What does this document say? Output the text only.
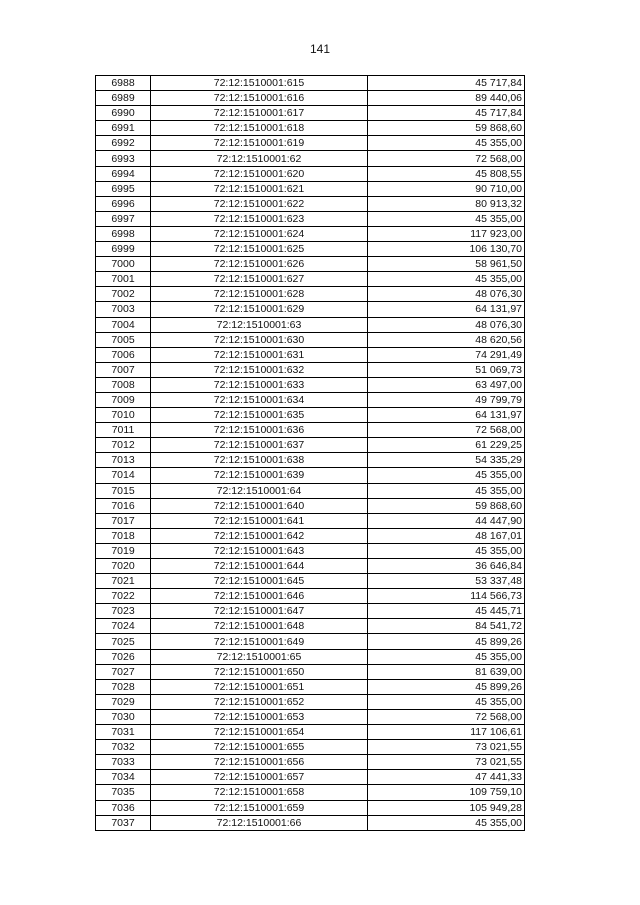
141
6988	72:12:1510001:615	45 717,84
6989	72:12:1510001:616	89 440,06
6990	72:12:1510001:617	45 717,84
6991	72:12:1510001:618	59 868,60
6992	72:12:1510001:619	45 355,00
6993	72:12:1510001:62	72 568,00
6994	72:12:1510001:620	45 808,55
6995	72:12:1510001:621	90 710,00
6996	72:12:1510001:622	80 913,32
6997	72:12:1510001:623	45 355,00
6998	72:12:1510001:624	117 923,00
6999	72:12:1510001:625	106 130,70
7000	72:12:1510001:626	58 961,50
7001	72:12:1510001:627	45 355,00
7002	72:12:1510001:628	48 076,30
7003	72:12:1510001:629	64 131,97
7004	72:12:1510001:63	48 076,30
7005	72:12:1510001:630	48 620,56
7006	72:12:1510001:631	74 291,49
7007	72:12:1510001:632	51 069,73
7008	72:12:1510001:633	63 497,00
7009	72:12:1510001:634	49 799,79
7010	72:12:1510001:635	64 131,97
7011	72:12:1510001:636	72 568,00
7012	72:12:1510001:637	61 229,25
7013	72:12:1510001:638	54 335,29
7014	72:12:1510001:639	45 355,00
7015	72:12:1510001:64	45 355,00
7016	72:12:1510001:640	59 868,60
7017	72:12:1510001:641	44 447,90
7018	72:12:1510001:642	48 167,01
7019	72:12:1510001:643	45 355,00
7020	72:12:1510001:644	36 646,84
7021	72:12:1510001:645	53 337,48
7022	72:12:1510001:646	114 566,73
7023	72:12:1510001:647	45 445,71
7024	72:12:1510001:648	84 541,72
7025	72:12:1510001:649	45 899,26
7026	72:12:1510001:65	45 355,00
7027	72:12:1510001:650	81 639,00
7028	72:12:1510001:651	45 899,26
7029	72:12:1510001:652	45 355,00
7030	72:12:1510001:653	72 568,00
7031	72:12:1510001:654	117 106,61
7032	72:12:1510001:655	73 021,55
7033	72:12:1510001:656	73 021,55
7034	72:12:1510001:657	47 441,33
7035	72:12:1510001:658	109 759,10
7036	72:12:1510001:659	105 949,28
7037	72:12:1510001:66	45 355,00
